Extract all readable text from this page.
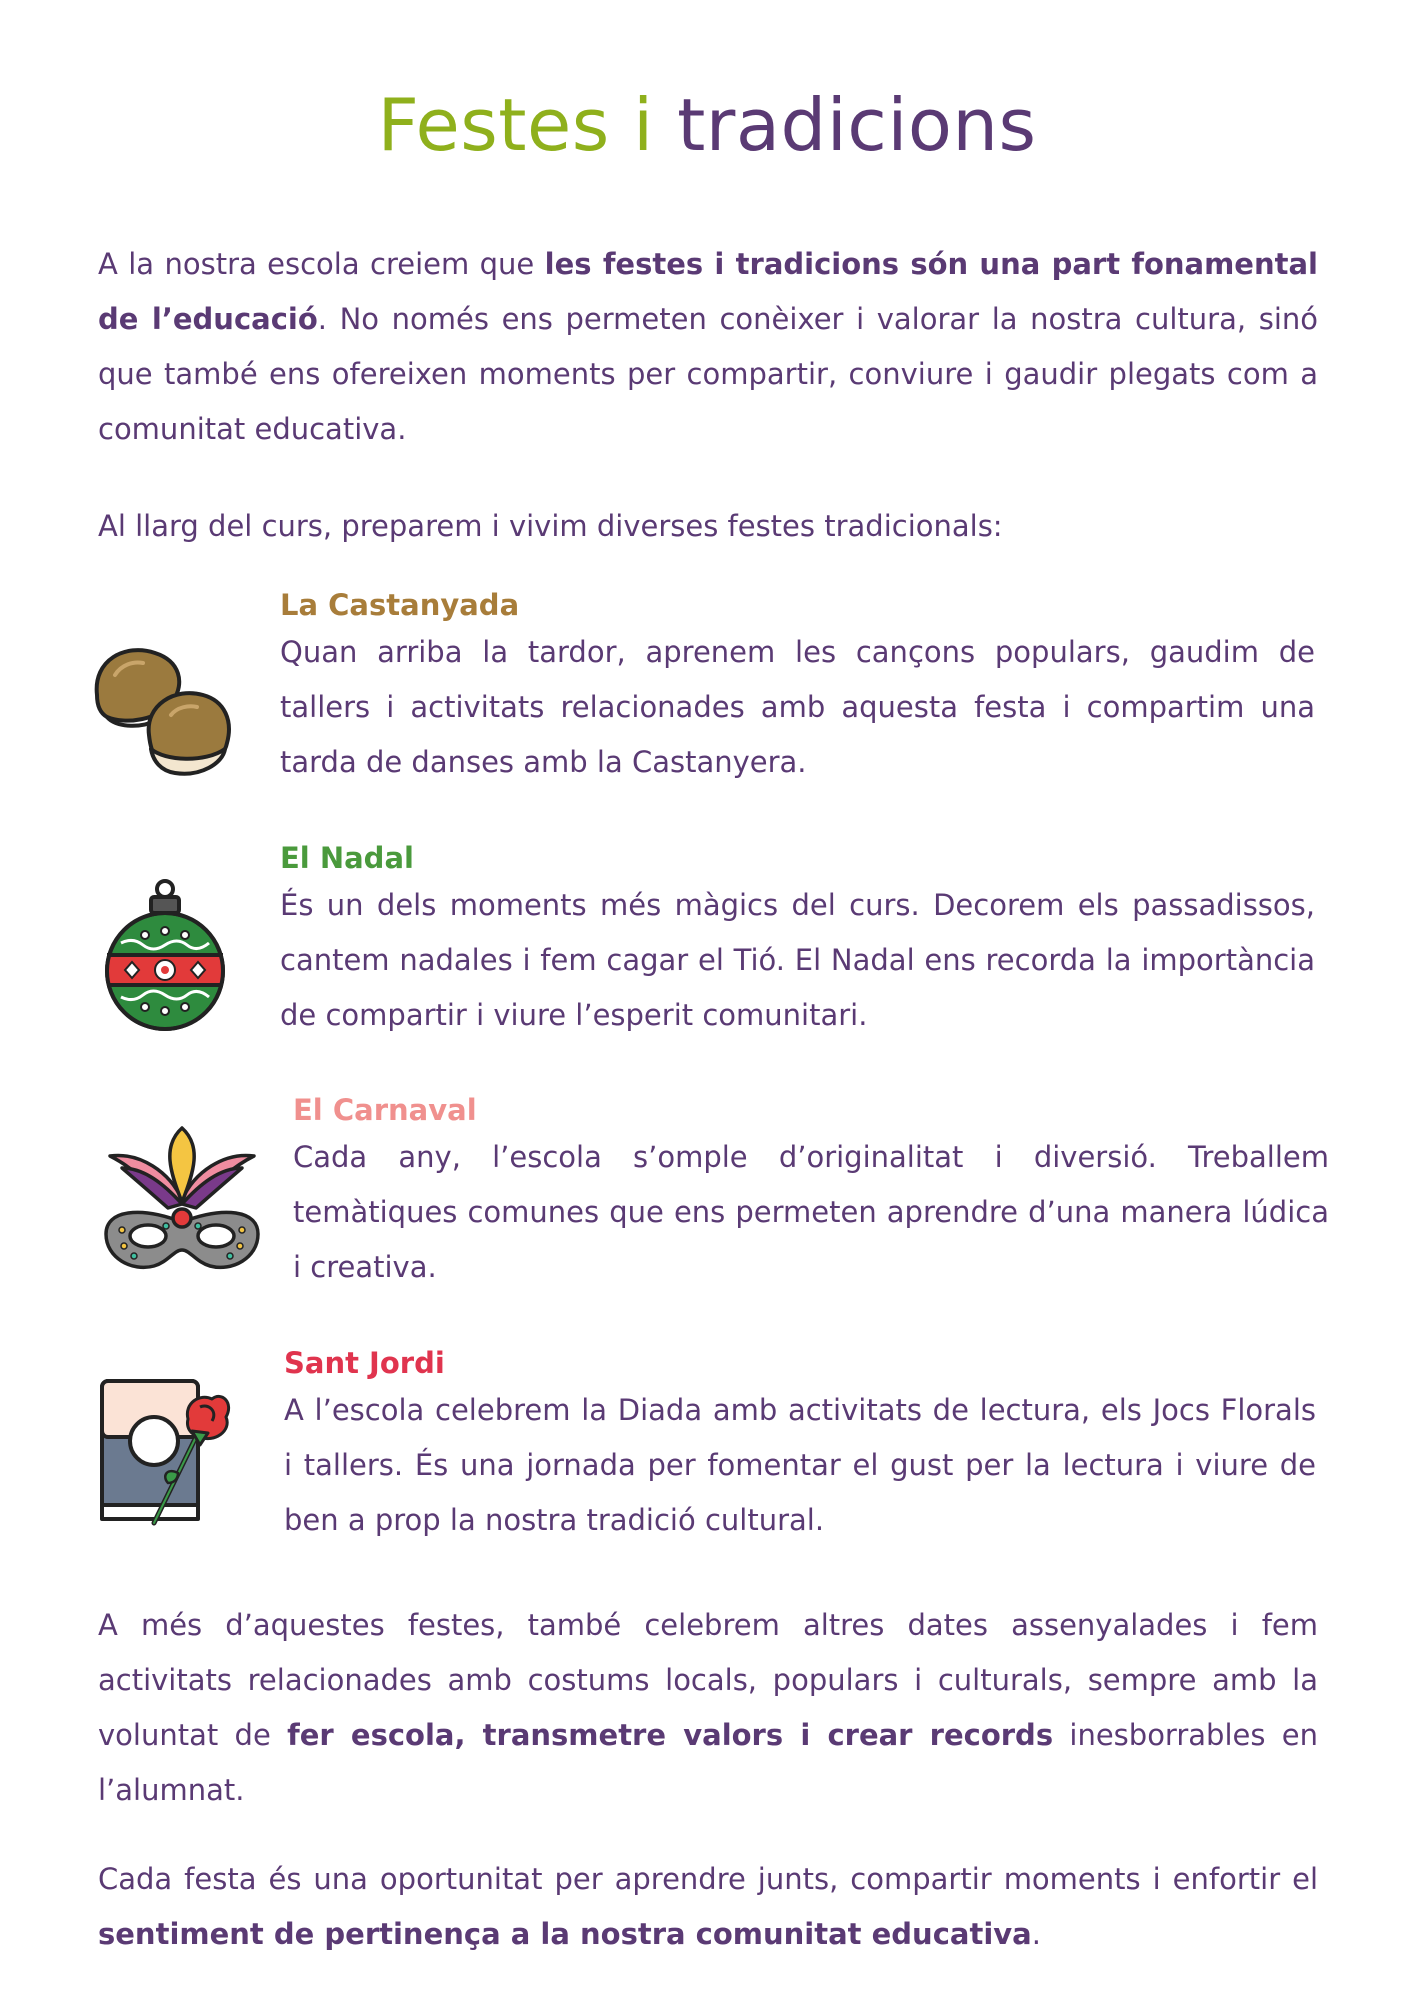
Festes i tradicions

A la nostra escola creiem que les festes i tradicions són una part fonamental de l’educació. No només ens permeten conèixer i valorar la nostra cultura, sinó que també ens ofereixen moments per compartir, conviure i gaudir plegats com a comunitat educativa.

Al llarg del curs, preparem i vivim diverses festes tradicionals:

La Castanyada

Quan arriba la tardor, aprenem les cançons populars, gaudim de tallers i activitats relacionades amb aquesta festa i compartim una tarda de danses amb la Castanyera.

El Nadal

És un dels moments més màgics del curs. Decorem els passadissos, cantem nadales i fem cagar el Tió. El Nadal ens recorda la importància de compartir i viure l’esperit comunitari.

El Carnaval

Cada any, l’escola s’omple d’originalitat i diversió. Treballem temàtiques comunes que ens permeten aprendre d’una manera lúdica i creativa.

Sant Jordi

A l’escola celebrem la Diada amb activitats de lectura, els Jocs Florals i tallers. És una jornada per fomentar el gust per la lectura i viure de ben a prop la nostra tradició cultural.

A més d’aquestes festes, també celebrem altres dates assenyalades i fem activitats relacionades amb costums locals, populars i culturals, sempre amb la voluntat de fer escola, transmetre valors i crear records inesborrables en l’alumnat.

Cada festa és una oportunitat per aprendre junts, compartir moments i enfortir el sentiment de pertinença a la nostra comunitat educativa.
